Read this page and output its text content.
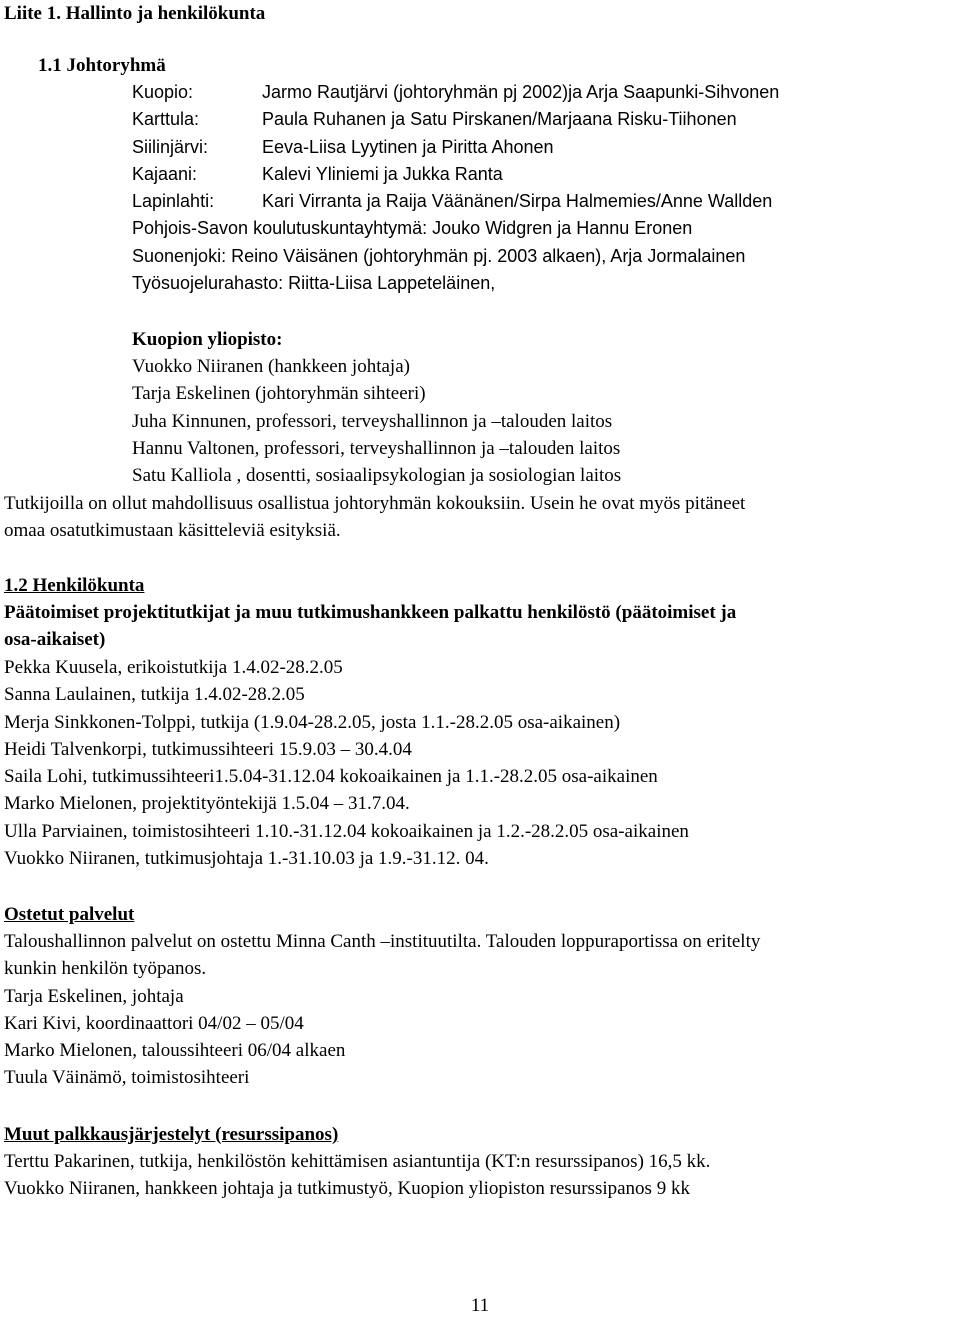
Liite 1. Hallinto ja henkilökunta
1.1 Johtoryhmä
Kuopio:	Jarmo Rautjärvi (johtoryhmän pj 2002)ja Arja Saapunki-Sihvonen
Karttula:	Paula Ruhanen ja Satu Pirskanen/Marjaana Risku-Tiihonen
Siilinjärvi:	Eeva-Liisa Lyytinen ja Piritta Ahonen
Kajaani:	Kalevi Yliniemi ja Jukka Ranta
Lapinlahti:	Kari Virranta ja Raija Väänänen/Sirpa Halmemies/Anne Wallden
Pohjois-Savon koulutuskuntayhtymä: Jouko Widgren ja Hannu Eronen
Suonenjoki: Reino Väisänen (johtoryhmän pj. 2003 alkaen), Arja Jormalainen
Työsuojelurahasto: Riitta-Liisa Lappeteläinen,
Kuopion yliopisto:
Vuokko Niiranen (hankkeen johtaja)
Tarja Eskelinen (johtoryhmän sihteeri)
Juha Kinnunen, professori, terveyshallinnon ja –talouden laitos
Hannu Valtonen, professori, terveyshallinnon ja –talouden laitos
Satu Kalliola , dosentti, sosiaalipsykologian ja sosiologian laitos
Tutkijoilla on ollut mahdollisuus osallistua johtoryhmän kokouksiin. Usein he ovat myös pitäneet
omaa osatutkimustaan käsitteleviä esityksiä.
1.2 Henkilökunta
Päätoimiset projektitutkijat ja muu tutkimushankkeen palkattu henkilöstö (päätoimiset ja
osa-aikaiset)
Pekka Kuusela, erikoistutkija 1.4.02-28.2.05
Sanna Laulainen, tutkija 1.4.02-28.2.05
Merja Sinkkonen-Tolppi, tutkija (1.9.04-28.2.05, josta 1.1.-28.2.05 osa-aikainen)
Heidi Talvenkorpi, tutkimussihteeri 15.9.03 – 30.4.04
Saila Lohi, tutkimussihteeri1.5.04-31.12.04 kokoaikainen ja 1.1.-28.2.05 osa-aikainen
Marko Mielonen, projektityöntekijä 1.5.04 – 31.7.04.
Ulla Parviainen, toimistosihteeri 1.10.-31.12.04 kokoaikainen ja 1.2.-28.2.05 osa-aikainen
Vuokko Niiranen, tutkimusjohtaja 1.-31.10.03 ja 1.9.-31.12. 04.
Ostetut palvelut
Taloushallinnon palvelut on ostettu Minna Canth –instituutilta. Talouden loppuraportissa on eritelty
kunkin henkilön työpanos.
Tarja Eskelinen, johtaja
Kari Kivi, koordinaattori 04/02 – 05/04
Marko Mielonen, taloussihteeri 06/04 alkaen
Tuula Väinämö, toimistosihteeri
Muut palkkausjärjestelyt (resurssipanos)
Terttu Pakarinen, tutkija, henkilöstön kehittämisen asiantuntija (KT:n resurssipanos) 16,5 kk.
Vuokko Niiranen, hankkeen johtaja ja tutkimustyö, Kuopion yliopiston resurssipanos 9 kk
11
